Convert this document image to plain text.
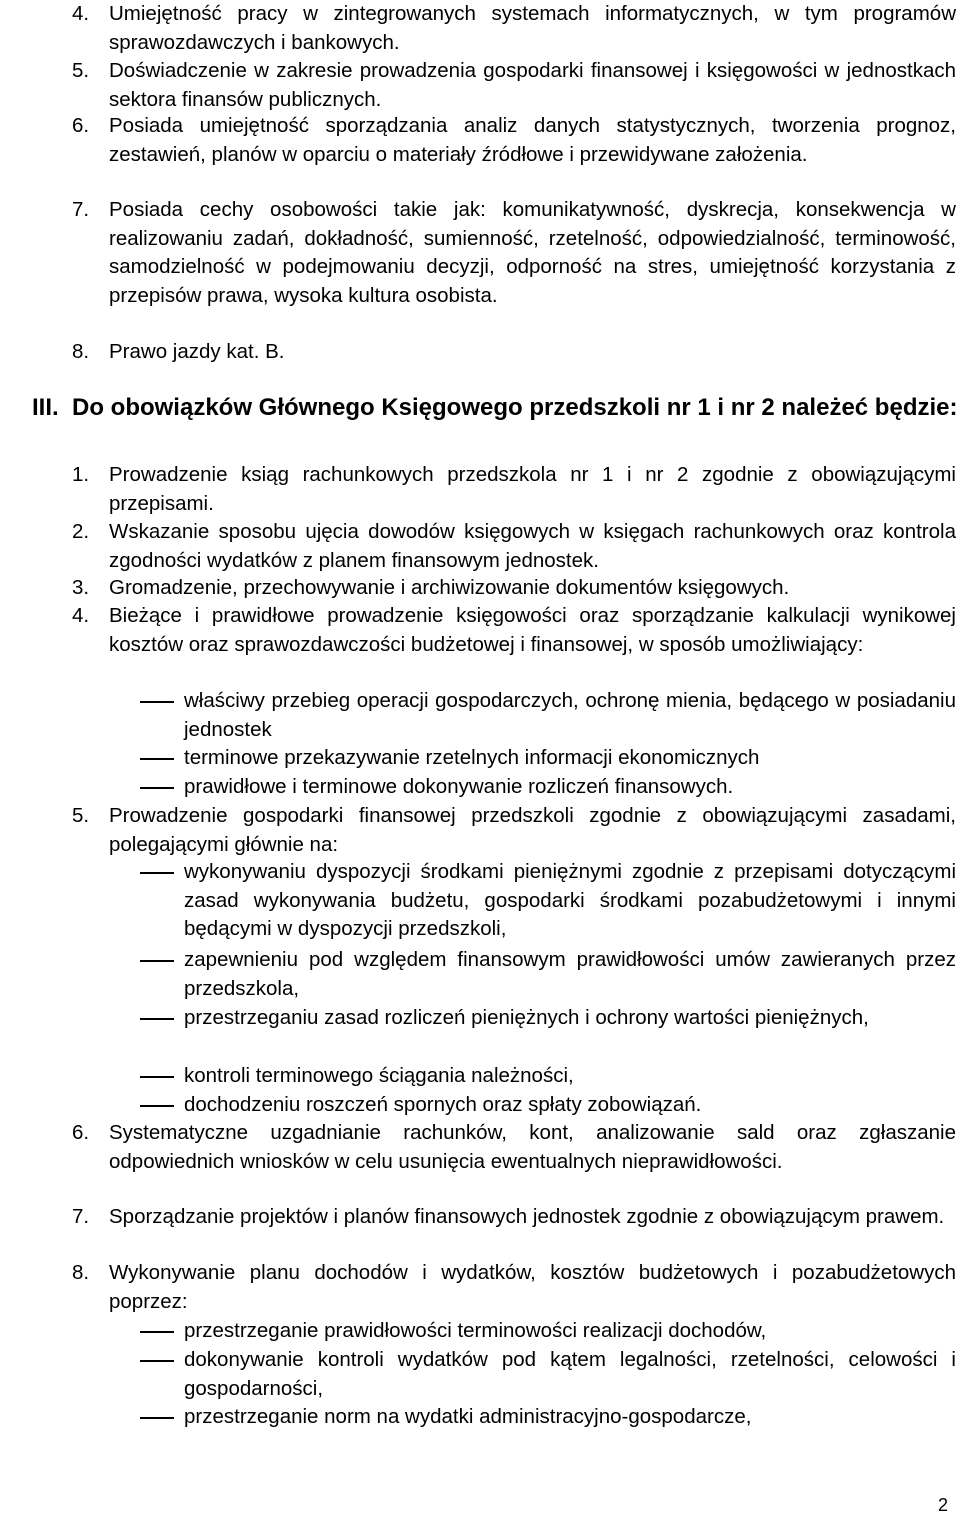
4. Umiejętność pracy w zintegrowanych systemach informatycznych, w tym programów sprawozdawczych i bankowych.
5. Doświadczenie w zakresie prowadzenia gospodarki finansowej i księgowości w jednostkach sektora finansów publicznych.
6. Posiada umiejętność sporządzania analiz danych statystycznych, tworzenia prognoz, zestawień, planów w oparciu o materiały źródłowe i przewidywane założenia.
7. Posiada cechy osobowości takie jak: komunikatywność, dyskrecja, konsekwencja w realizowaniu zadań, dokładność, sumienność, rzetelność, odpowiedzialność, terminowość, samodzielność w podejmowaniu decyzji, odporność na stres, umiejętność korzystania z przepisów prawa, wysoka kultura osobista.
8. Prawo jazdy kat. B.
III. Do obowiązków Głównego Księgowego przedszkoli nr 1 i nr 2 należeć będzie:
1. Prowadzenie ksiąg rachunkowych przedszkola nr 1 i nr 2 zgodnie z obowiązującymi przepisami.
2. Wskazanie sposobu ujęcia dowodów księgowych w księgach rachunkowych oraz kontrola zgodności wydatków z planem finansowym jednostek.
3. Gromadzenie, przechowywanie i archiwizowanie dokumentów księgowych.
4. Bieżące i prawidłowe prowadzenie księgowości oraz sporządzanie kalkulacji wynikowej kosztów oraz sprawozdawczości budżetowej i finansowej, w sposób umożliwiający:
właściwy przebieg operacji gospodarczych, ochronę mienia, będącego w posiadaniu jednostek
terminowe przekazywanie rzetelnych informacji ekonomicznych
prawidłowe i terminowe dokonywanie rozliczeń finansowych.
5. Prowadzenie gospodarki finansowej przedszkoli zgodnie z obowiązującymi zasadami, polegającymi głównie na:
wykonywaniu dyspozycji środkami pieniężnymi zgodnie z przepisami dotyczącymi zasad wykonywania budżetu, gospodarki środkami pozabudżetowymi i innymi będącymi w dyspozycji przedszkoli,
zapewnieniu pod względem finansowym prawidłowości umów zawieranych przez przedszkola,
przestrzeganiu zasad rozliczeń pieniężnych i ochrony wartości pieniężnych,
kontroli terminowego ściągania należności,
dochodzeniu roszczeń spornych oraz spłaty zobowiązań.
6. Systematyczne uzgadnianie rachunków, kont, analizowanie sald oraz zgłaszanie odpowiednich wniosków w celu usunięcia ewentualnych nieprawidłowości.
7. Sporządzanie projektów i planów finansowych jednostek zgodnie z obowiązującym prawem.
8. Wykonywanie planu dochodów i wydatków, kosztów budżetowych i pozabudżetowych poprzez:
przestrzeganie prawidłowości terminowości realizacji dochodów,
dokonywanie kontroli wydatków pod kątem legalności, rzetelności, celowości i gospodarności,
przestrzeganie norm na wydatki administracyjno-gospodarcze,
2
